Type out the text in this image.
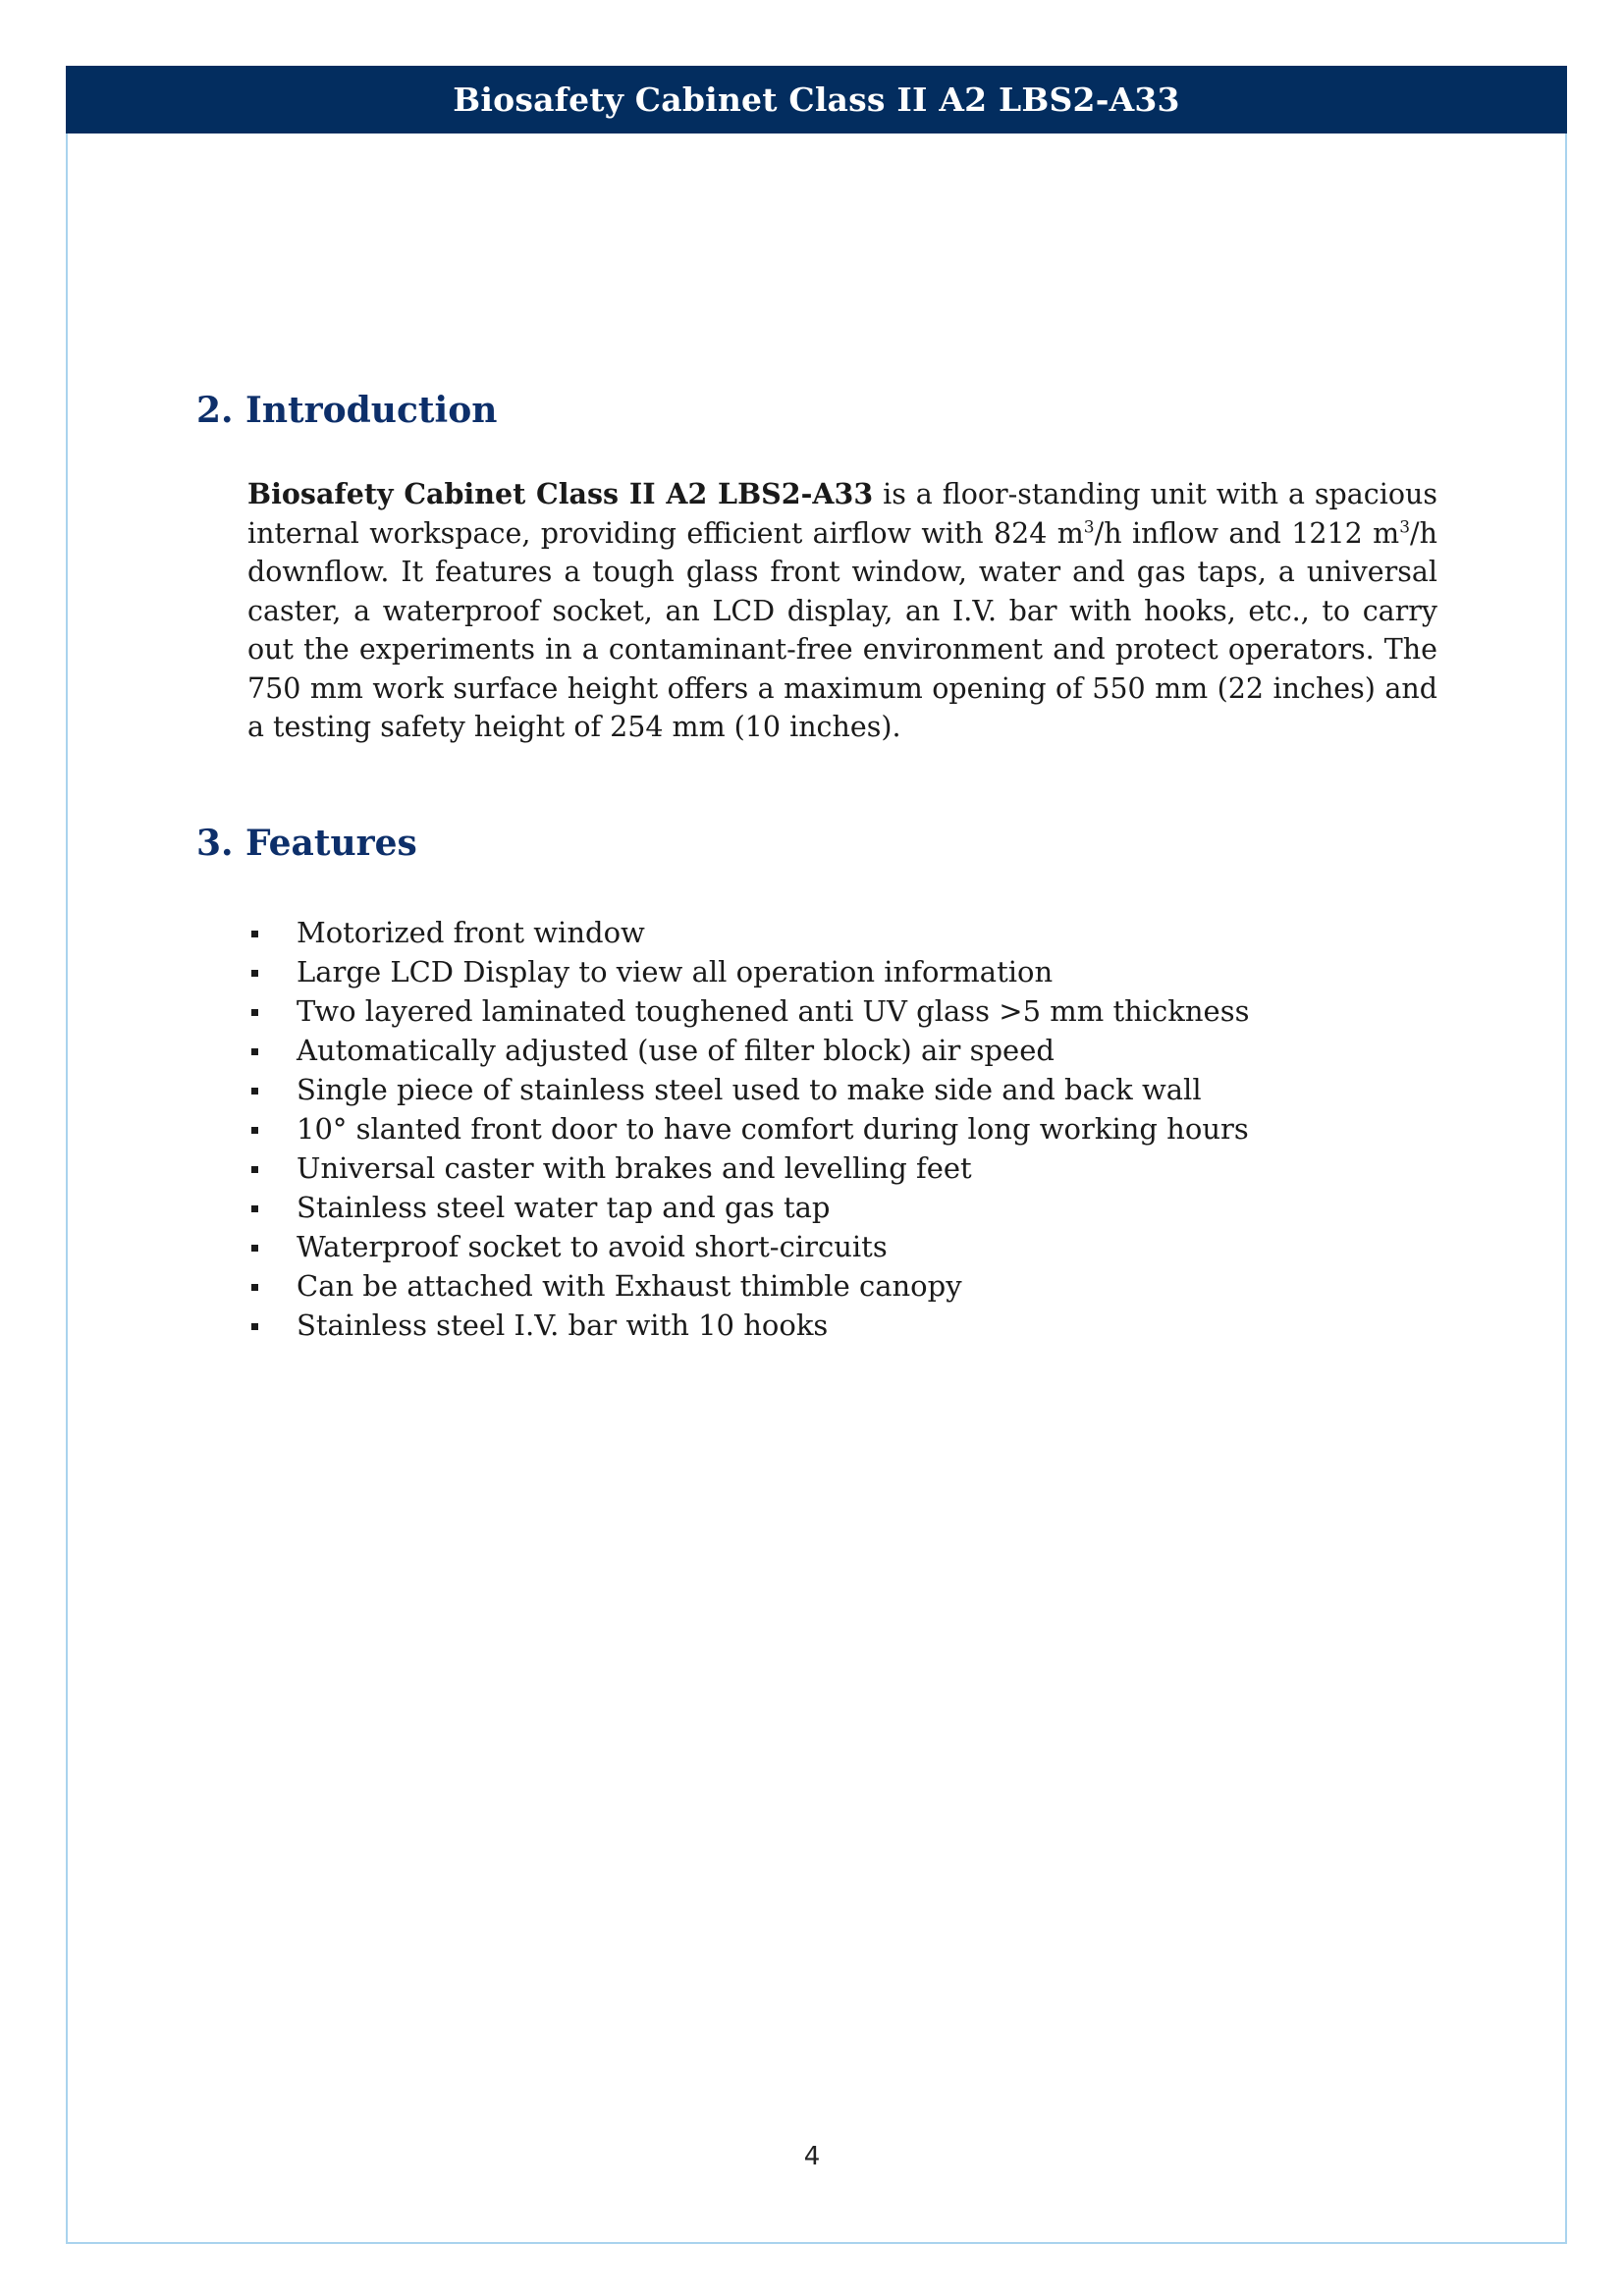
Biosafety Cabinet Class II A2 LBS2-A33
2. Introduction

Biosafety Cabinet Class II A2 LBS2-A33 is a floor-standing unit with a spacious internal workspace, providing efficient airflow with 824 $m^3/h$ inflow and 1212 $m^3/h$ downflow. It features a tough glass front window, water and gas taps, a universal caster, a waterproof socket, an LCD display, an I.V. bar with hooks, etc., to carry out the experiments in a contaminant-free environment and protect operators. The 750 mm work surface height offers a maximum opening of 550 mm (22 inches) and a testing safety height of 254 mm (10 inches).

3. Features
Motorized front window
Large LCD Display to view all operation information
Two layered laminated toughened anti UV glass >5 mm thickness
Automatically adjusted (use of filter block) air speed
Single piece of stainless steel used to make side and back wall
10° slanted front door to have comfort during long working hours
Universal caster with brakes and levelling feet
Stainless steel water tap and gas tap
Waterproof socket to avoid short-circuits
Can be attached with Exhaust thimble canopy
Stainless steel I.V. bar with 10 hooks
4
